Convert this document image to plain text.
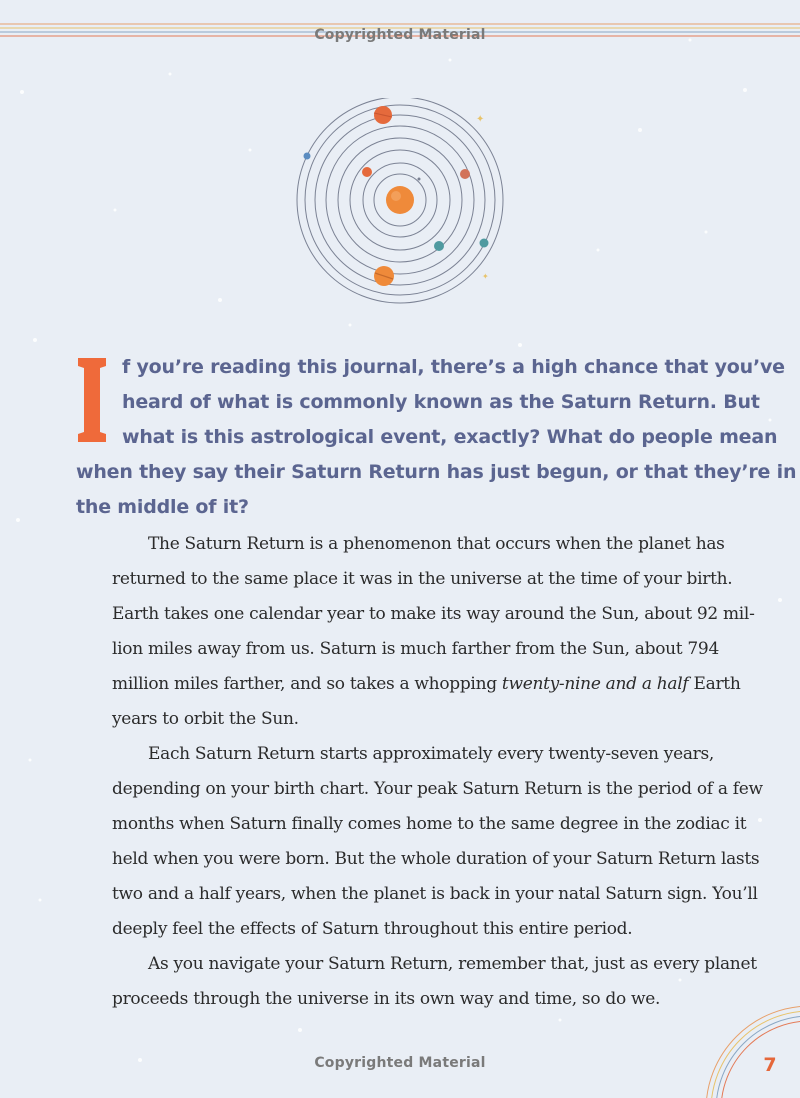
Copyrighted Material
✦
✦
I f you’re reading this journal, there’s a high chance that you’ve
heard of what is commonly known as the Saturn Return. But
what is this astrological event, exactly? What do people mean
when they say their Saturn Return has just begun, or that they’re in
the middle of it?

The Saturn Return is a phenomenon that occurs when the planet has
returned to the same place it was in the universe at the time of your birth.
Earth takes one calendar year to make its way around the Sun, about 92 mil-
lion miles away from us. Saturn is much farther from the Sun, about 794
million miles farther, and so takes a whopping twenty-nine and a half Earth
years to orbit the Sun.

Each Saturn Return starts approximately every twenty-seven years,
depending on your birth chart. Your peak Saturn Return is the period of a few
months when Saturn finally comes home to the same degree in the zodiac it
held when you were born. But the whole duration of your Saturn Return lasts
two and a half years, when the planet is back in your natal Saturn sign. You’ll
deeply feel the effects of Saturn throughout this entire period.

As you navigate your Saturn Return, remember that, just as every planet
proceeds through the universe in its own way and time, so do we.

Copyrighted Material	7
